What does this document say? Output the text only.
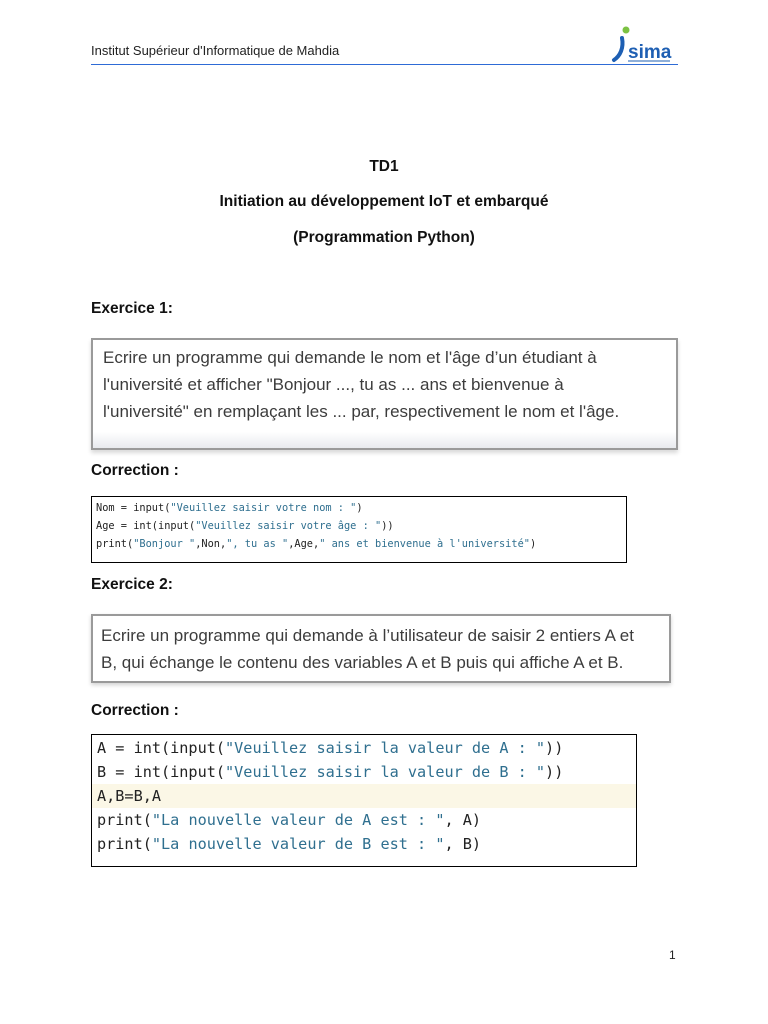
Institut Supérieur d'Informatique de Mahdia	sima
TD1
Initiation au développement IoT et embarqué
(Programmation Python)
Exercice 1:
Ecrire un programme qui demande le nom et l'âge d’un étudiant à
l'université et afficher "Bonjour ..., tu as ... ans et bienvenue à
l'université" en remplaçant les ... par, respectivement le nom et l'âge.
Correction :
Nom = input("Veuillez saisir votre nom : ")
Age = int(input("Veuillez saisir votre âge : "))
print("Bonjour ",Non,", tu as ",Age," ans et bienvenue à l'université")
Exercice 2:
Ecrire un programme qui demande à l’utilisateur de saisir 2 entiers A et
B, qui échange le contenu des variables A et B puis qui affiche A et B.
Correction :
A = int(input("Veuillez saisir la valeur de A : "))
B = int(input("Veuillez saisir la valeur de B : "))
A,B=B,A
print("La nouvelle valeur de A est : ", A)
print("La nouvelle valeur de B est : ", B)
1
